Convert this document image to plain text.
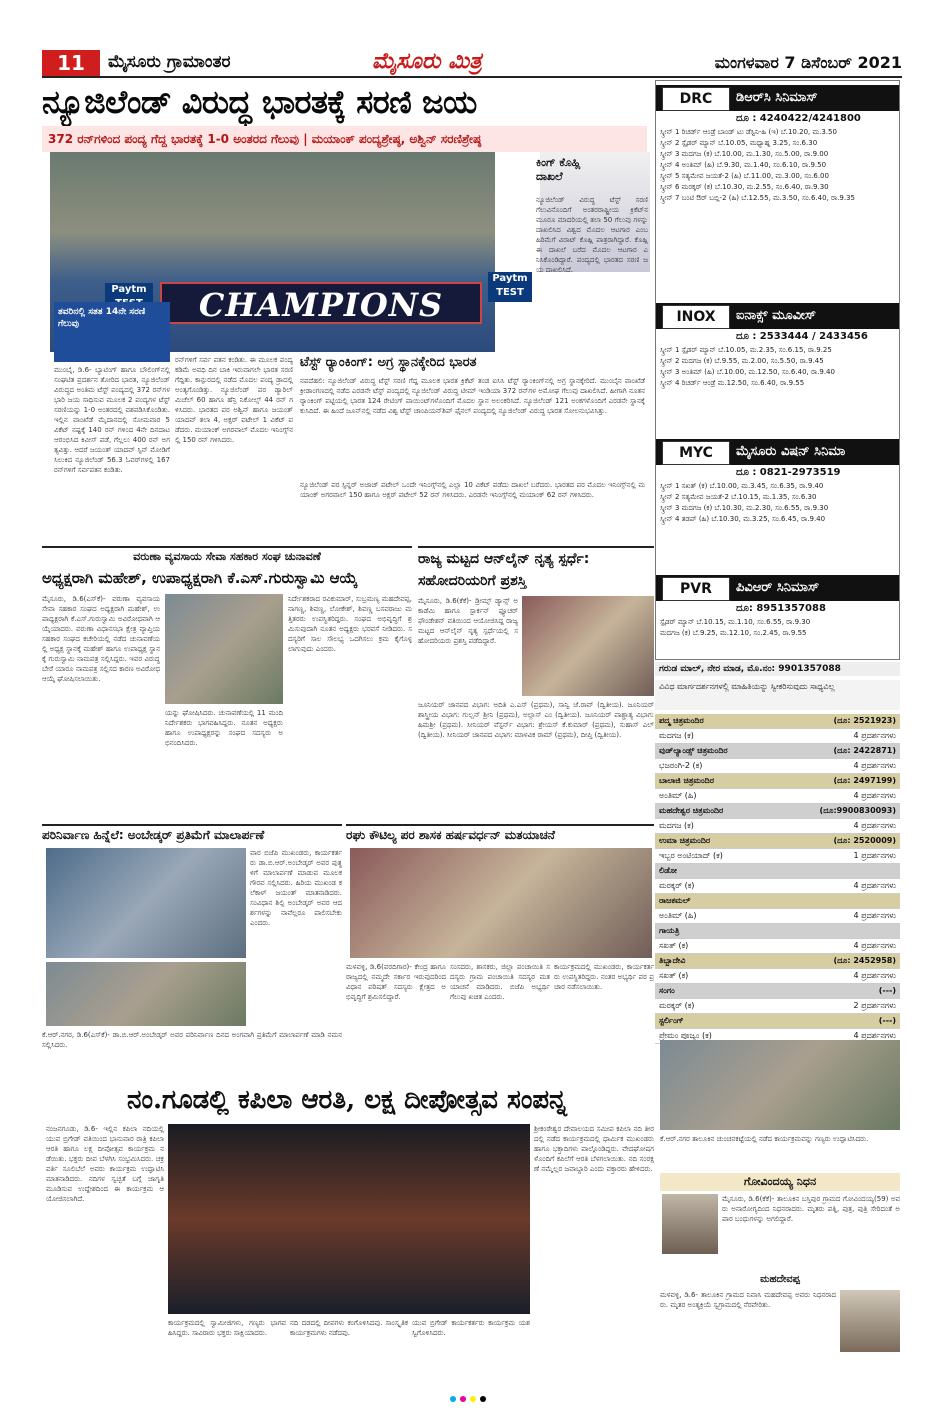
11	ಮೈಸೂರು ಗ್ರಾಮಾಂತರ	ಮೈಸೂರು ಮಿತ್ರ	ಮಂಗಳವಾರ 7 ಡಿಸೆಂಬರ್ 2021
ನ್ಯೂಜಿಲೆಂಡ್ ವಿರುದ್ಧ ಭಾರತಕ್ಕೆ ಸರಣಿ ಜಯ
372 ರನ್‌ಗಳಿಂದ ಪಂದ್ಯ ಗೆದ್ದ ಭಾರತಕ್ಕೆ 1-0 ಅಂತರದ ಗೆಲುವು | ಮಯಾಂಕ್ ಪಂದ್ಯಶ್ರೇಷ್ಠ, ಅಶ್ವಿನ್ ಸರಣಿಶ್ರೇಷ್ಠ
CHAMPIONS
Paytm
Paytm TEST
ತವರಿನಲ್ಲಿ ಸತತ 14ನೇ ಸರಣಿ ಗೆಲುವು
ಕಿಂಗ್ ಕೊಹ್ಲಿ ದಾಖಲೆ
ನ್ಯೂಜಿಲೆಂಡ್ ವಿರುದ್ಧ ಟೆಸ್ಟ್ ಸರಣಿ ಗೆಲುವಿನೊಂದಿಗೆ ಅಂತರರಾಷ್ಟ್ರೀಯ ಕ್ರಿಕೆಟ್‌ನ ಮೂರೂ ಮಾದರಿಯಲ್ಲಿ ತಲಾ 50 ಗೆಲುವು ಗಳನ್ನು ದಾಖಲಿಸಿದ ವಿಶ್ವದ ಮೊದಲ ಆಟಗಾರ ಎಂಬ ಹಿರಿಮೆಗೆ ವಿರಾಟ್ ಕೊಹ್ಲಿ ಪಾತ್ರರಾಗಿದ್ದಾರೆ. ಕೊಹ್ಲಿ ಈ ದಾಖಲೆ ಬರೆದ ಮೊದಲ ಆಟಗಾರ ಎನಿಸಿಕೊಂಡಿದ್ದಾರೆ. ಪಂದ್ಯದಲ್ಲಿ ಭಾರತದ ಸರಣಿ ಜಯ ದಾಖಲಿಸಿದೆ.
ಮುಂಬೈ, ಡಿ.6- ಬ್ಯಾಟಿಂಗ್ ಹಾಗೂ ಬೌಲಿಂಗ್‌ನಲ್ಲಿ ಸಂಘಟಿತ ಪ್ರದರ್ಶನ ತೋರಿದ ಭಾರತ, ನ್ಯೂಜಿಲೆಂಡ್ ವಿರುದ್ಧದ ಅಂತಿಮ ಟೆಸ್ಟ್ ಪಂದ್ಯದಲ್ಲಿ 372 ರನ್‌ಗಳ ಭಾರಿ ಜಯ ಸಾಧಿಸುವ ಮೂಲಕ 2 ಪಂದ್ಯಗಳ ಟೆಸ್ಟ್ ಸರಣಿಯನ್ನು 1-0 ಅಂತರದಲ್ಲಿ ವಶಪಡಿಸಿಕೊಂಡಿತು. ಇಲ್ಲಿನ ವಾಂಖೆಡೆ ಮೈದಾನದಲ್ಲಿ ಸೋಮವಾರ 5 ವಿಕೆಟ್ ನಷ್ಟಕ್ಕೆ 140 ರನ್ ಗಳಿಂದ 4ನೇ ದಿನದಾಟ ಆರಂಭಿಸಿದ ಕಿವೀಸ್ ಪಡೆ, ಗೆಲ್ಲಲು 400 ರನ್ ಅಗತ್ಯವಿತ್ತು. ಆದರೆ ಜಯಂತ್ ಯಾದವ್ ಸ್ಪಿನ್ ಮೋಡಿಗೆ ಸಿಲುಕಿದ ನ್ಯೂಜಿಲೆಂಡ್ 56.3 ಓವರ್‌ಗಳಲ್ಲಿ 167 ರನ್‌ಗಳಿಗೆ ಸರ್ವಪತನ ಕಂಡಿತು.
ರನ್‌ಗಳಿಗೆ ಸರ್ವ ಪತನ ಕಂಡಿತು. ಈ ಮೂಲಕ ಪಂದ್ಯ ಕಡಿಮೆ ಅವಧಿ ದಿನ ಬಾಕಿ ಇರುವಾಗಲೇ ಭಾರತ ಸರಣಿ ಗೆದ್ದಿತು. ಕಾನ್ಪುರದಲ್ಲಿ ನಡೆದ ಮೊದಲ ಪಂದ್ಯ ಡ್ರಾದಲ್ಲಿ ಅಂತ್ಯಗೊಂಡಿತ್ತು. ನ್ಯೂಜಿಲೆಂಡ್ ಪರ ಡ್ಯಾರಿಲ್ ಮಿಚೆಲ್ 60 ಹಾಗೂ ಹೆನ್ರಿ ನಿಕೋಲ್ಸ್ 44 ರನ್ ಗಳಿಸಿದರು. ಭಾರತದ ಪರ ಅಶ್ವಿನ್ ಹಾಗೂ ಜಯಂತ್ ಯಾದವ್ ತಲಾ 4, ಅಕ್ಷರ್ ಪಟೇಲ್ 1 ವಿಕೆಟ್ ಪಡೆದರು. ಮಯಾಂಕ್ ಅಗರವಾಲ್ ಮೊದಲ ಇನಿಂಗ್ಸ್‌ನಲ್ಲಿ 150 ರನ್ ಗಳಿಸಿದರು.
ಟೆಸ್ಟ್ ರ‍್ಯಾಂಕಿಂಗ್: ಅಗ್ರ ಸ್ಥಾನಕ್ಕೇರಿದ ಭಾರತ
ನವದೆಹಲಿ: ನ್ಯೂಜಿಲೆಂಡ್ ವಿರುದ್ಧ ಟೆಸ್ಟ್ ಸರಣಿ ಗೆದ್ದ ಮೂಲಕ ಭಾರತ ಕ್ರಿಕೆಟ್ ತಂಡ ಐಸಿಸಿ ಟೆಸ್ಟ್ ರ‍್ಯಾಂಕಿಂಗ್‌ನಲ್ಲಿ ಅಗ್ರ ಸ್ಥಾನಕ್ಕೇರಿದೆ. ಮುಂಬೈನ ವಾಂಖೆಡೆ ಕ್ರೀಡಾಂಗಣದಲ್ಲಿ ನಡೆದ ಎರಡನೇ ಟೆಸ್ಟ್ ಪಂದ್ಯದಲ್ಲಿ ನ್ಯೂಜಿಲೆಂಡ್ ವಿರುದ್ಧ ಟೀಮ್ ಇಂಡಿಯಾ 372 ರನ್‌ಗಳ ಅಮೋಘ ಗೆಲುವು ದಾಖಲಿಸಿದೆ. ಹೀಗಾಗಿ ನೂತನ ರ‍್ಯಾಂಕಿಂಗ್ ಪಟ್ಟಿಯಲ್ಲಿ ಭಾರತ 124 ರೇಟಿಂಗ್ ಪಾಯಿಂಟ್‌ಗಳೊಂದಿಗೆ ಮೊದಲ ಸ್ಥಾನ ಅಲಂಕರಿಸಿದೆ. ನ್ಯೂಜಿಲೆಂಡ್ 121 ಅಂಕಗಳೊಂದಿಗೆ ಎರಡನೇ ಸ್ಥಾನಕ್ಕೆ ಕುಸಿದಿದೆ. ಈ ಹಿಂದೆ ಜೂನ್‌ನಲ್ಲಿ ನಡೆದ ವಿಶ್ವ ಟೆಸ್ಟ್ ಚಾಂಪಿಯನ್‌ಶಿಪ್ ಫೈನಲ್ ಪಂದ್ಯದಲ್ಲಿ ನ್ಯೂಜಿಲೆಂಡ್ ವಿರುದ್ಧ ಭಾರತ ಸೋಲನುಭವಿಸಿತ್ತು.
ನ್ಯೂಜಿಲೆಂಡ್ ಪರ ಸ್ಪಿನ್ನರ್ ಅಜಾಜ್ ಪಟೇಲ್ ಒಂದೇ ಇನಿಂಗ್ಸ್‌ನಲ್ಲಿ ಎಲ್ಲಾ 10 ವಿಕೆಟ್ ಪಡೆದು ದಾಖಲೆ ಬರೆದರು. ಭಾರತದ ಪರ ಮೊದಲ ಇನಿಂಗ್ಸ್‌ನಲ್ಲಿ ಮಯಾಂಕ್ ಅಗರವಾಲ್ 150 ಹಾಗೂ ಅಕ್ಷರ್ ಪಟೇಲ್ 52 ರನ್ ಗಳಿಸಿದರು. ಎರಡನೇ ಇನಿಂಗ್ಸ್‌ನಲ್ಲಿ ಮಯಾಂಕ್ 62 ರನ್ ಗಳಿಸಿದರು.
ಡಿಆರ್‌ಸಿ ಸಿನಿಮಾಸ್
DRC
ದೂ : 4240422/4241800
ಸ್ಕ್ರೀನ್ 1 ರಿಚರ್ಡ್ ಆಂಡ್ರೆ ಬಾಂಡ್ ಟು ಡೆಸ್ಟಿನಿ-ಹಿ (ಇ) ಬೆ.10.20, ಮ.3.50
ಸ್ಕ್ರೀನ್ 2 ಸ್ಪೈಡರ್ ಮ್ಯಾನ್ ಬೆ.10.05, ಮಧ್ಯಾಹ್ನ 3.25, ಸಂ.6.30
ಸ್ಕ್ರೀನ್ 3 ಮದಗಜ (ಕ) ಬೆ.10.00, ಮ.1.30, ಸಂ.5.00, ರಾ.9.00
ಸ್ಕ್ರೀನ್ 4 ಅಂತಿಮ್ (ಹಿ) ಬೆ.9.30, ಮ.1.40, ಸಂ.6.10, ರಾ.9.50
ಸ್ಕ್ರೀನ್ 5 ಸತ್ಯಮೇವ ಜಯತೆ-2 (ಹಿ) ಬೆ.11.00, ಮ.3.00, ಸಂ.6.00
ಸ್ಕ್ರೀನ್ 6 ಮರಕ್ಕರ್ (ಕ) ಬೆ.10.30, ಮ.2.55, ಸಂ.6.40, ರಾ.9.30
ಸ್ಕ್ರೀನ್ 7 ಬಂಟಿ ಔರ್ ಬಬ್ಲಿ-2 (ಹಿ) ಬೆ.12.55, ಮ.3.50, ಸಂ.6.40, ರಾ.9.35
ಐನಾಕ್ಸ್ ಮೂವೀಸ್
INOX
ದೂ : 2533444 / 2433456
ಸ್ಕ್ರೀನ್ 1 ಸ್ಪೈಡರ್ ಮ್ಯಾನ್ ಬೆ.10.05, ಮ.2.35, ಸಂ.6.15, ರಾ.9.25
ಸ್ಕ್ರೀನ್ 2 ಮದಗಜ (ಕ) ಬೆ.9.55, ಮ.2.00, ಸಂ.5.50, ರಾ.9.45
ಸ್ಕ್ರೀನ್ 3 ಅಂತಿಮ್ (ಹಿ) ಬೆ.10.00, ಮ.12.50, ಸಂ.6.40, ರಾ.9.40
ಸ್ಕ್ರೀನ್ 4 ರಿಚರ್ಡ್ ಆಂಡ್ರೆ ಮ.12.50, ಸಂ.6.40, ರಾ.9.55
ಮೈಸೂರು ವಿಷನ್ ಸಿನಿಮಾ
MYC
ದೂ : 0821-2973519
ಸ್ಕ್ರೀನ್ 1 ಸಖತ್ (ಕ) ಬೆ.10.00, ಮ.3.45, ಸಂ.6.35, ರಾ.9.40
ಸ್ಕ್ರೀನ್ 2 ಸತ್ಯಮೇವ ಜಯತೆ-2 ಬೆ.10.15, ಮ.1.35, ಸಂ.6.30
ಸ್ಕ್ರೀನ್ 3 ಮದಗಜ (ಕ) ಬೆ.10.30, ಮ.2.30, ಸಂ.6.55, ರಾ.9.30
ಸ್ಕ್ರೀನ್ 4 ತಡಪ್ (ಹಿ) ಬೆ.10.30, ಮ.3.25, ಸಂ.6.45, ರಾ.9.40
ಪಿವಿಆರ್ ಸಿನಿಮಾಸ್
PVR
ದೂ: 8951357088
ಸ್ಪೈಡರ್ ಮ್ಯಾನ್ ಬೆ.10.15, ಮ.1.10, ಸಂ.6.55, ರಾ.9.30
ಮದಗಜ (ಕ) ಬೆ.9.25, ಮ.12.10, ಸಂ.2.45, ರಾ.9.55
ಗರುಡ ಮಾಲ್, ನೇರ ಮಾಡ, ಮೊ.ನಂ: 9901357088
ವಿವಿಧ ಮಾರ್ಗದರ್ಶನಗಳಲ್ಲಿ ಮಾಹಿತಿಯನ್ನು ಸ್ವೀಕರಿಸುವುದು ಸಾಧ್ಯವಿಲ್ಲ
ಪದ್ಮ ಚಿತ್ರಮಂದಿರ	(ದೂ: 2521923)
ಮದಗಜ (ಕ)	4 ಪ್ರದರ್ಶನಗಳು
ವುಡ್‌ಲ್ಯಾಂಡ್ಸ್ ಚಿತ್ರಮಂದಿರ	(ದೂ: 2422871)
ಭಜರಂಗಿ-2 (ಕ)	4 ಪ್ರದರ್ಶನಗಳು
ಬಾಲಾಜಿ ಚಿತ್ರಮಂದಿರ	(ದೂ: 2497199)
ಅಂತಿಮ್ (ಹಿ)	4 ಪ್ರದರ್ಶನಗಳು
ಮಹದೇಶ್ವರ ಚಿತ್ರಮಂದಿರ	(ದೂ:9900830093)
ಮದಗಜ (ಕ)	4 ಪ್ರದರ್ಶನಗಳು
ಉಮಾ ಚಿತ್ರಮಂದಿರ	(ದೂ: 2520009)
ಇಬ್ಬರ ಅಂಟಿಯಾದ್ (ಕ)	1 ಪ್ರದರ್ಶನಗಳು
ಲಿಡೋ
ಮರಕ್ಕರ್ (ಕ)	4 ಪ್ರದರ್ಶನಗಳು
ರಾಜಕಮಲ್
ಅಂತಿಮ್ (ಹಿ)	4 ಪ್ರದರ್ಶನಗಳು
ಗಾಯತ್ರಿ
ಸಖತ್ (ಕ)	4 ಪ್ರದರ್ಶನಗಳು
ತಿಬ್ಬಾದೇವಿ	(ದೂ: 2452958)
ಸಖತ್ (ಕ)	4 ಪ್ರದರ್ಶನಗಳು
ಸಂಗಂ	(---)
ಮರಕ್ಕರ್ (ಕ)	2 ಪ್ರದರ್ಶನಗಳು
ಸ್ಟರ್ಲಿಂಗ್	(---)
ಪ್ರೇಮಂ ಪೂಜ್ಯಂ (ಕ)	4 ಪ್ರದರ್ಶನಗಳು
ವರುಣಾ ವ್ಯವಸಾಯ ಸೇವಾ ಸಹಕಾರ ಸಂಘ ಚುನಾವಣೆ
ಅಧ್ಯಕ್ಷರಾಗಿ ಮಹೇಶ್, ಉಪಾಧ್ಯಕ್ಷರಾಗಿ ಕೆ.ಎಸ್.ಗುರುಸ್ವಾಮಿ ಆಯ್ಕೆ
ಮೈಸೂರು, ಡಿ.6(ಎಸ್‌ಕೆ)- ವರುಣಾ ವ್ಯವಸಾಯ ಸೇವಾ ಸಹಕಾರ ಸಂಘದ ಅಧ್ಯಕ್ಷರಾಗಿ ಮಹೇಶ್, ಉಪಾಧ್ಯಕ್ಷರಾಗಿ ಕೆ.ಎಸ್.ಗುರುಸ್ವಾಮಿ ಅವಿರೋಧವಾಗಿ ಆಯ್ಕೆಯಾದರು. ವರುಣಾ ವಿಧಾನಸಭಾ ಕ್ಷೇತ್ರ ವ್ಯಾಪ್ತಿಯ ಸಹಕಾರ ಸಂಘದ ಕಚೇರಿಯಲ್ಲಿ ನಡೆದ ಚುನಾವಣೆಯಲ್ಲಿ ಅಧ್ಯಕ್ಷ ಸ್ಥಾನಕ್ಕೆ ಮಹೇಶ್ ಹಾಗೂ ಉಪಾಧ್ಯಕ್ಷ ಸ್ಥಾನಕ್ಕೆ ಗುರುಸ್ವಾಮಿ ನಾಮಪತ್ರ ಸಲ್ಲಿಸಿದ್ದರು. ಇವರ ವಿರುದ್ಧ ಬೇರೆ ಯಾರೂ ನಾಮಪತ್ರ ಸಲ್ಲಿಸದ ಕಾರಣ ಅವಿರೋಧ ಆಯ್ಕೆ ಘೋಷಿಸಲಾಯಿತು.
ಯನ್ನು ಘೋಷಿಸಿದರು. ಚುನಾವಣೆಯಲ್ಲಿ 11 ಮಂದಿ ನಿರ್ದೇಶಕರು ಭಾಗವಹಿಸಿದ್ದರು. ನೂತನ ಅಧ್ಯಕ್ಷರು ಹಾಗೂ ಉಪಾಧ್ಯಕ್ಷರನ್ನು ಸಂಘದ ಸದಸ್ಯರು ಅಭಿನಂದಿಸಿದರು.
ನಿರ್ದೇಶಕರಾದ ರವಿಕುಮಾರ್, ಸುಬ್ರಮಣ್ಯ ಮಹದೇವಪ್ಪ, ನಾಗಣ್ಣ, ಶಿವಣ್ಣ, ಲೋಕೇಶ್, ಶಿವಣ್ಣ ಬಸವರಾಜು ಮತ್ತಿತರರು ಉಪಸ್ಥಿತರಿದ್ದರು. ಸಂಘದ ಅಭಿವೃದ್ಧಿಗೆ ಶ್ರಮಿಸುವುದಾಗಿ ನೂತನ ಅಧ್ಯಕ್ಷರು ಭರವಸೆ ನೀಡಿದರು. ಸದಸ್ಯರಿಗೆ ಸಾಲ ಸೌಲಭ್ಯ ಒದಗಿಸಲು ಕ್ರಮ ಕೈಗೊಳ್ಳಲಾಗುವುದು ಎಂದರು.
ರಾಜ್ಯ ಮಟ್ಟದ ಆನ್‌ಲೈನ್ ನೃತ್ಯ ಸ್ಪರ್ಧೆ: ಸಹೋದರಿಯರಿಗೆ ಪ್ರಶಸ್ತಿ
ಮೈಸೂರು, ಡಿ.6(ಕೆಕೆ)- ಡ್ರೀಮ್ಸ್ ಡ್ಯಾನ್ಸ್ ಅಕಾಡೆಮಿ ಹಾಗೂ ಸ್ಪಾರ್ಕನ್ ಫ್ಯೂಚರ್ ಫೌಂಡೇಶನ್ ವತಿಯಿಂದ ಆಯೋಜಿಸಿದ್ದ ರಾಜ್ಯ ಮಟ್ಟದ ಆನ್‌ಲೈನ್ ನೃತ್ಯ ಸ್ಪರ್ಧೆಯಲ್ಲಿ ಸಹೋದರಿಯರು ಪ್ರಶಸ್ತಿ ಪಡೆದಿದ್ದಾರೆ.
ಜೂನಿಯರ್ ಜಾನಪದ ವಿಭಾಗ: ಅದಿತಿ ಎ.ಎಸ್ (ಪ್ರಥಮ), ಸಾನ್ವಿ ಜೆ.ರಾವ್ (ದ್ವಿತೀಯ). ಜೂನಿಯರ್ ಶಾಸ್ತ್ರೀಯ ವಿಭಾಗ: ಗುಲ್ಷನ್ ಶ್ರೀನಿ (ಪ್ರಥಮ), ಅಲ್ಲಾಸ್ ಎಂ (ದ್ವಿತೀಯ). ಜೂನಿಯರ್ ಪಾಶ್ಚಾತ್ಯ ವಿಭಾಗ: ಹಿಮಶ್ರೀ (ಪ್ರಥಮ). ಸೀನಿಯರ್ ವೆಸ್ಟರ್ನ್ ವಿಭಾಗ: ಶ್ರೇಯಸ್ ಕೆ.ಕುಮಾರ್ (ಪ್ರಥಮ), ಸುಹಾಸ್ ಎಲ್ (ದ್ವಿತೀಯ). ಸೀನಿಯರ್ ಜಾನಪದ ವಿಭಾಗ: ಮಾಳವಿಕ ರಾಮ್ (ಪ್ರಥಮ), ದೀಪ್ತಿ (ದ್ವಿತೀಯ).
ಪರಿನಿರ್ವಾಣ ಹಿನ್ನೆಲೆ: ಅಂಬೇಡ್ಕರ್ ಪ್ರತಿಮೆಗೆ ಮಾಲಾರ್ಪಣೆ
ವಾರ ಬಿಜೆಪಿ ಮುಖಂಡರು, ಕಾರ್ಯಕರ್ತರು ಡಾ.ಬಿ.ಆರ್.ಅಂಬೇಡ್ಕರ್ ಅವರ ಪುತ್ಥಳಿಗೆ ಮಾಲಾರ್ಪಣೆ ಮಾಡುವ ಮೂಲಕ ಗೌರವ ಸಲ್ಲಿಸಿದರು. ಹಿರಿಯ ಮುಖಂಡ ಕಲೆಕಾಳ್ ಜಯಂತ್ ಮಾತನಾಡಿದರು. ಸಂವಿಧಾನ ಶಿಲ್ಪಿ ಅಂಬೇಡ್ಕರ್ ಅವರ ಆದರ್ಶಗಳನ್ನು ನಾವೆಲ್ಲರೂ ಪಾಲಿಸಬೇಕು ಎಂದರು.
ಕೆ.ಆರ್.ನಗರ, ಡಿ.6(ಎಸ್‌ಕೆ)- ಡಾ.ಬಿ.ಆರ್.ಅಂಬೇಡ್ಕರ್ ಅವರ ಪರಿನಿರ್ವಾಣ ದಿನದ ಅಂಗವಾಗಿ ಪ್ರತಿಮೆಗೆ ಮಾಲಾರ್ಪಣೆ ಮಾಡಿ ನಮನ ಸಲ್ಲಿಸಿದರು.
ರಘು ಕೌಟಿಲ್ಯ ಪರ ಶಾಸಕ ಹರ್ಷವರ್ಧನ್ ಮತಯಾಚನೆ
ಮಳವಳ್ಳಿ, ಡಿ.6(ವರದಿಗಾರ)- ಕೇಂದ್ರ ಹಾಗೂ ರಾಜ್ಯದಲ್ಲಿ ನಮ್ಮದೇ ಸರ್ಕಾರ ಇರುವುದರಿಂದ ವಿಧಾನ ಪರಿಷತ್ ಸದಸ್ಯರು ಕ್ಷೇತ್ರದ ಅಭಿವೃದ್ಧಿಗೆ ಶ್ರಮಿಸಲಿದ್ದಾರೆ.
ಸಂಸದರು, ಶಾಸಕರು, ಜಿಲ್ಲಾ ಪಂಚಾಯಿತಿ ಸದಸ್ಯರು ಗ್ರಾಮ ಪಂಚಾಯಿತಿ ಸದಸ್ಯರ ಮತಯಾಚನೆ ಮಾಡಿದರು. ಬಿಜೆಪಿ ಅಭ್ಯರ್ಥಿ ಗೆಲುವು ಖಚಿತ ಎಂದರು.
ಕಾರ್ಯಕ್ರಮದಲ್ಲಿ ಮುಖಂಡರು, ಕಾರ್ಯಕರ್ತರು ಉಪಸ್ಥಿತರಿದ್ದರು. ನಂತರ ಅಭ್ಯರ್ಥಿ ಪರ ಪ್ರಚಾರ ನಡೆಸಲಾಯಿತು.
ನಂ.ಗೂಡಲ್ಲಿ ಕಪಿಲಾ ಆರತಿ, ಲಕ್ಷ ದೀಪೋತ್ಸವ ಸಂಪನ್ನ
ನಂಜನಗೂಡು, ಡಿ.6- ಇಲ್ಲಿನ ಕಪಿಲಾ ನದಿಯಲ್ಲಿ ಯುವ ಬ್ರಿಗೇಡ್ ವತಿಯಿಂದ ಭಾನುವಾರ ರಾತ್ರಿ ಕಪಿಲಾ ಆರತಿ ಹಾಗೂ ಲಕ್ಷ ದೀಪೋತ್ಸವ ಕಾರ್ಯಕ್ರಮ ನಡೆಯಿತು. ಭಕ್ತರು ದೀಪ ಬೆಳಗಿಸಿ ಸಂಭ್ರಮಿಸಿದರು. ಚಕ್ರವರ್ತಿ ಸೂಲಿಬೆಲೆ ಅವರು ಕಾರ್ಯಕ್ರಮ ಉದ್ಘಾಟಿಸಿ ಮಾತನಾಡಿದರು. ನದಿಗಳ ಸ್ವಚ್ಛತೆ ಬಗ್ಗೆ ಜಾಗೃತಿ ಮೂಡಿಸುವ ಉದ್ದೇಶದಿಂದ ಈ ಕಾರ್ಯಕ್ರಮ ಆಯೋಜಿಸಲಾಗಿದೆ.
ಕಾರ್ಯಕ್ರಮದಲ್ಲಿ ಸ್ವಾಮೀಜಿಗಳು, ಗಣ್ಯರು ಭಾಗವಹಿಸಿದ್ದರು. ಸಾವಿರಾರು ಭಕ್ತರು ಸಾಕ್ಷಿಯಾದರು.
ನದಿ ದಡದಲ್ಲಿ ದೀಪಗಳು ಕಂಗೊಳಿಸಿದವು. ಸಾಂಸ್ಕೃತಿಕ ಕಾರ್ಯಕ್ರಮಗಳು ನಡೆದವು.
ಯುವ ಬ್ರಿಗೇಡ್ ಕಾರ್ಯಕರ್ತರು ಕಾರ್ಯಕ್ರಮ ಯಶಸ್ವಿಗೊಳಿಸಿದರು.
ಶ್ರೀಕಂಠೇಶ್ವರ ದೇವಾಲಯದ ಸಮೀಪ ಕಪಿಲಾ ನದಿ ತೀರದಲ್ಲಿ ನಡೆದ ಕಾರ್ಯಕ್ರಮದಲ್ಲಿ ಧಾರ್ಮಿಕ ಮುಖಂಡರು ಹಾಗೂ ಭಕ್ತಾದಿಗಳು ಪಾಲ್ಗೊಂಡಿದ್ದರು. ವೇದಘೋಷಗಳೊಂದಿಗೆ ಕಪಿಲೆಗೆ ಆರತಿ ಬೆಳಗಲಾಯಿತು. ನದಿ ಸಂರಕ್ಷಣೆ ನಮ್ಮೆಲ್ಲರ ಜವಾಬ್ದಾರಿ ಎಂದು ವಕ್ತಾರರು ಹೇಳಿದರು.
ಕೆ.ಆರ್.ನಗರ ತಾಲೂಕಿನ ಚುಂಚನಕಟ್ಟೆಯಲ್ಲಿ ನಡೆದ ಕಾರ್ಯಕ್ರಮವನ್ನು ಗಣ್ಯರು ಉದ್ಘಾಟಿಸಿದರು.
ಗೋವಿಂದಯ್ಯ ನಿಧನ
ಮೈಸೂರು, ಡಿ.6(ಕೆಕೆ)- ತಾಲೂಕಿನ ಬಸ್ತಿಪುರ ಗ್ರಾಮದ ಗೋವಿಂದಯ್ಯ(59) ಅವರು ಅನಾರೋಗ್ಯದಿಂದ ನಿಧನರಾದರು. ಮೃತರು ಪತ್ನಿ, ಪುತ್ರ, ಪುತ್ರಿ ಸೇರಿದಂತೆ ಅಪಾರ ಬಂಧುಗಳನ್ನು ಅಗಲಿದ್ದಾರೆ.
ಮಹದೇವಪ್ಪ
ಮಳವಳ್ಳಿ, ಡಿ.6- ತಾಲೂಕಿನ ಗ್ರಾಮದ ನಿವಾಸಿ ಮಹದೇವಪ್ಪ ಅವರು ನಿಧನರಾದರು. ಮೃತರ ಅಂತ್ಯಕ್ರಿಯೆ ಸ್ವಗ್ರಾಮದಲ್ಲಿ ನೆರವೇರಿತು.
